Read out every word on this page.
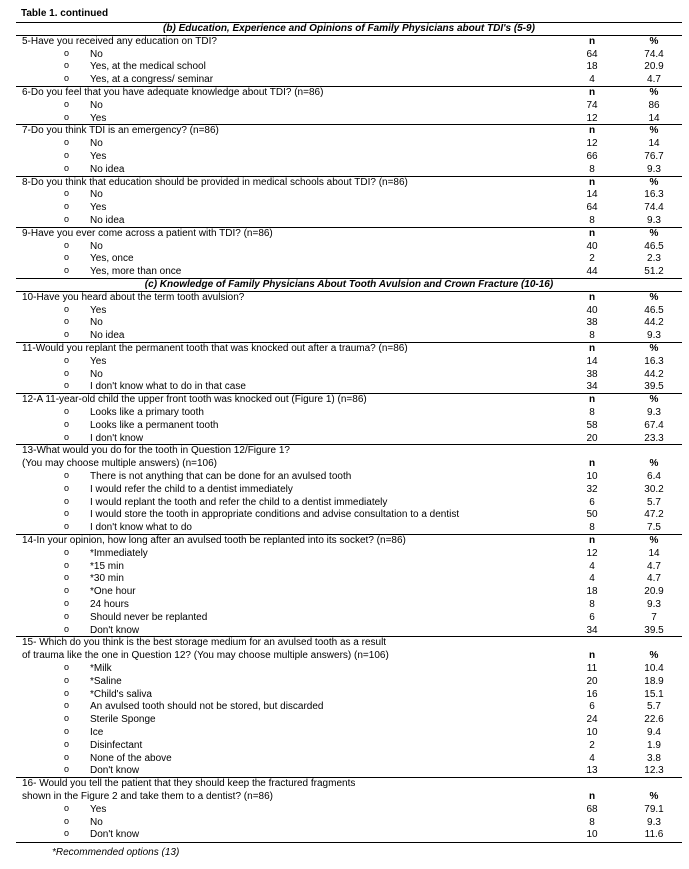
Table 1. continued
(b) Education, Experience and Opinions of Family Physicians about TDI's (5-9)
5-Have you received any education on TDI?	n	%
o No	64	74.4
o Yes, at the medical school	18	20.9
o Yes, at a congress/ seminar	4	4.7
6-Do you feel that you have adequate knowledge about TDI? (n=86)	n	%
o No	74	86
o Yes	12	14
7-Do you think TDI is an emergency? (n=86)	n	%
o No	12	14
o Yes	66	76.7
o No idea	8	9.3
8-Do you think that education should be provided in medical schools about TDI? (n=86)	n	%
o No	14	16.3
o Yes	64	74.4
o No idea	8	9.3
9-Have you ever come across a patient with TDI? (n=86)	n	%
o No	40	46.5
o Yes, once	2	2.3
o Yes, more than once	44	51.2
(c) Knowledge of Family Physicians About Tooth Avulsion and Crown Fracture (10-16)
10-Have you heard about the term tooth avulsion?	n	%
o Yes	40	46.5
o No	38	44.2
o No idea	8	9.3
11-Would you replant the permanent tooth that was knocked out after a trauma? (n=86)	n	%
o Yes	14	16.3
o No	38	44.2
o I don't know what to do in that case	34	39.5
12-A 11-year-old child the upper front tooth was knocked out (Figure 1) (n=86)	n	%
o Looks like a primary tooth	8	9.3
o Looks like a permanent tooth	58	67.4
o I don't know	20	23.3
13-What would you do for the tooth in Question 12/Figure 1?
(You may choose multiple answers) (n=106)	n	%
o There is not anything that can be done for an avulsed tooth	10	6.4
o I would refer the child to a dentist immediately	32	30.2
o I would replant the tooth and refer the child to a dentist immediately	6	5.7
o I would store the tooth in appropriate conditions and advise consultation to a dentist	50	47.2
o I don't know what to do	8	7.5
14-In your opinion, how long after an avulsed tooth be replanted into its socket? (n=86)	n	%
o *Immediately	12	14
o *15 min	4	4.7
o *30 min	4	4.7
o *One hour	18	20.9
o 24 hours	8	9.3
o Should never be replanted	6	7
o Don't know	34	39.5
15- Which do you think is the best storage medium for an avulsed tooth as a result
of trauma like the one in Question 12? (You may choose multiple answers) (n=106)	n	%
o *Milk	11	10.4
o *Saline	20	18.9
o *Child's saliva	16	15.1
o An avulsed tooth should not be stored, but discarded	6	5.7
o Sterile Sponge	24	22.6
o Ice	10	9.4
o Disinfectant	2	1.9
o None of the above	4	3.8
o Don't know	13	12.3
16- Would you tell the patient that they should keep the fractured fragments
shown in the Figure 2 and take them to a dentist? (n=86)	n	%
o Yes	68	79.1
o No	8	9.3
o Don't know	10	11.6
*Recommended options (13)
